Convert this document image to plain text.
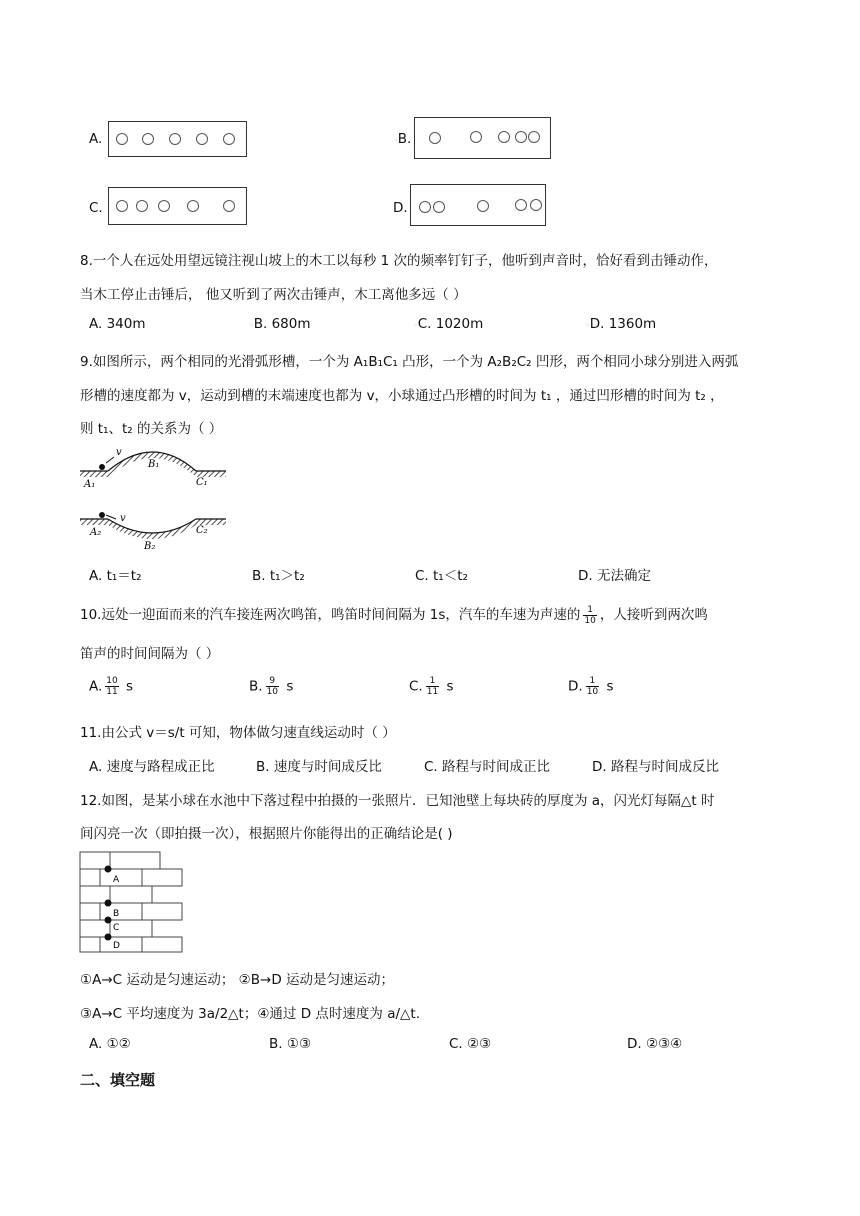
A.	◦B.
C.	D.
8.一个人在远处用望远镜注视山坡上的木工以每秒 1 次的频率钉钉子，他听到声音时，恰好看到击锤动作，
当木工停止击锤后， 他又听到了两次击锤声，木工离他多远（ ）
A. 340m	◦B. 680m	◦C. 1020m	◦D. 1360m
9.如图所示，两个相同的光滑弧形槽，一个为 A₁B₁C₁ 凸形，一个为 A₂B₂C₂ 凹形，两个相同小球分别进入两弧
形槽的速度都为 v，运动到槽的末端速度也都为 v，小球通过凸形槽的时间为 t₁ ，通过凹形槽的时间为 t₂ ，
则 t₁、t₂ 的关系为（ ）
v
A₁
B₁
C₁
v
A₂
B₂
C₂
A. t₁＝t₂	B. t₁＞t₂	C. t₁＜t₂	D. 无法确定
10.远处一迎面而来的汽车接连两次鸣笛，鸣笛时间间隔为 1s，汽车的车速为声速的 $\frac{1}{10}$ ，人接听到两次鸣
笛声的时间间隔为（ ）
A. $\frac{10}{11}$ s	B. $\frac{9}{10}$ s	C. $\frac{1}{11}$ s	D. $\frac{1}{10}$ s
11.由公式 v＝s/t 可知，物体做匀速直线运动时（ ）
A. 速度与路程成正比	B. 速度与时间成反比	C. 路程与时间成正比	D. 路程与时间成反比
12.如图，是某小球在水池中下落过程中拍摄的一张照片．已知池壁上每块砖的厚度为 a，闪光灯每隔△t 时
间闪亮一次（即拍摄一次），根据照片你能得出的正确结论是( )
A
B
C
D
①A→C 运动是匀速运动； ②B→D 运动是匀速运动；
③A→C 平均速度为 3a/2△t；④通过 D 点时速度为 a/△t.
A. ①②	B. ①③	C. ②③	D. ②③④
二、填空题
